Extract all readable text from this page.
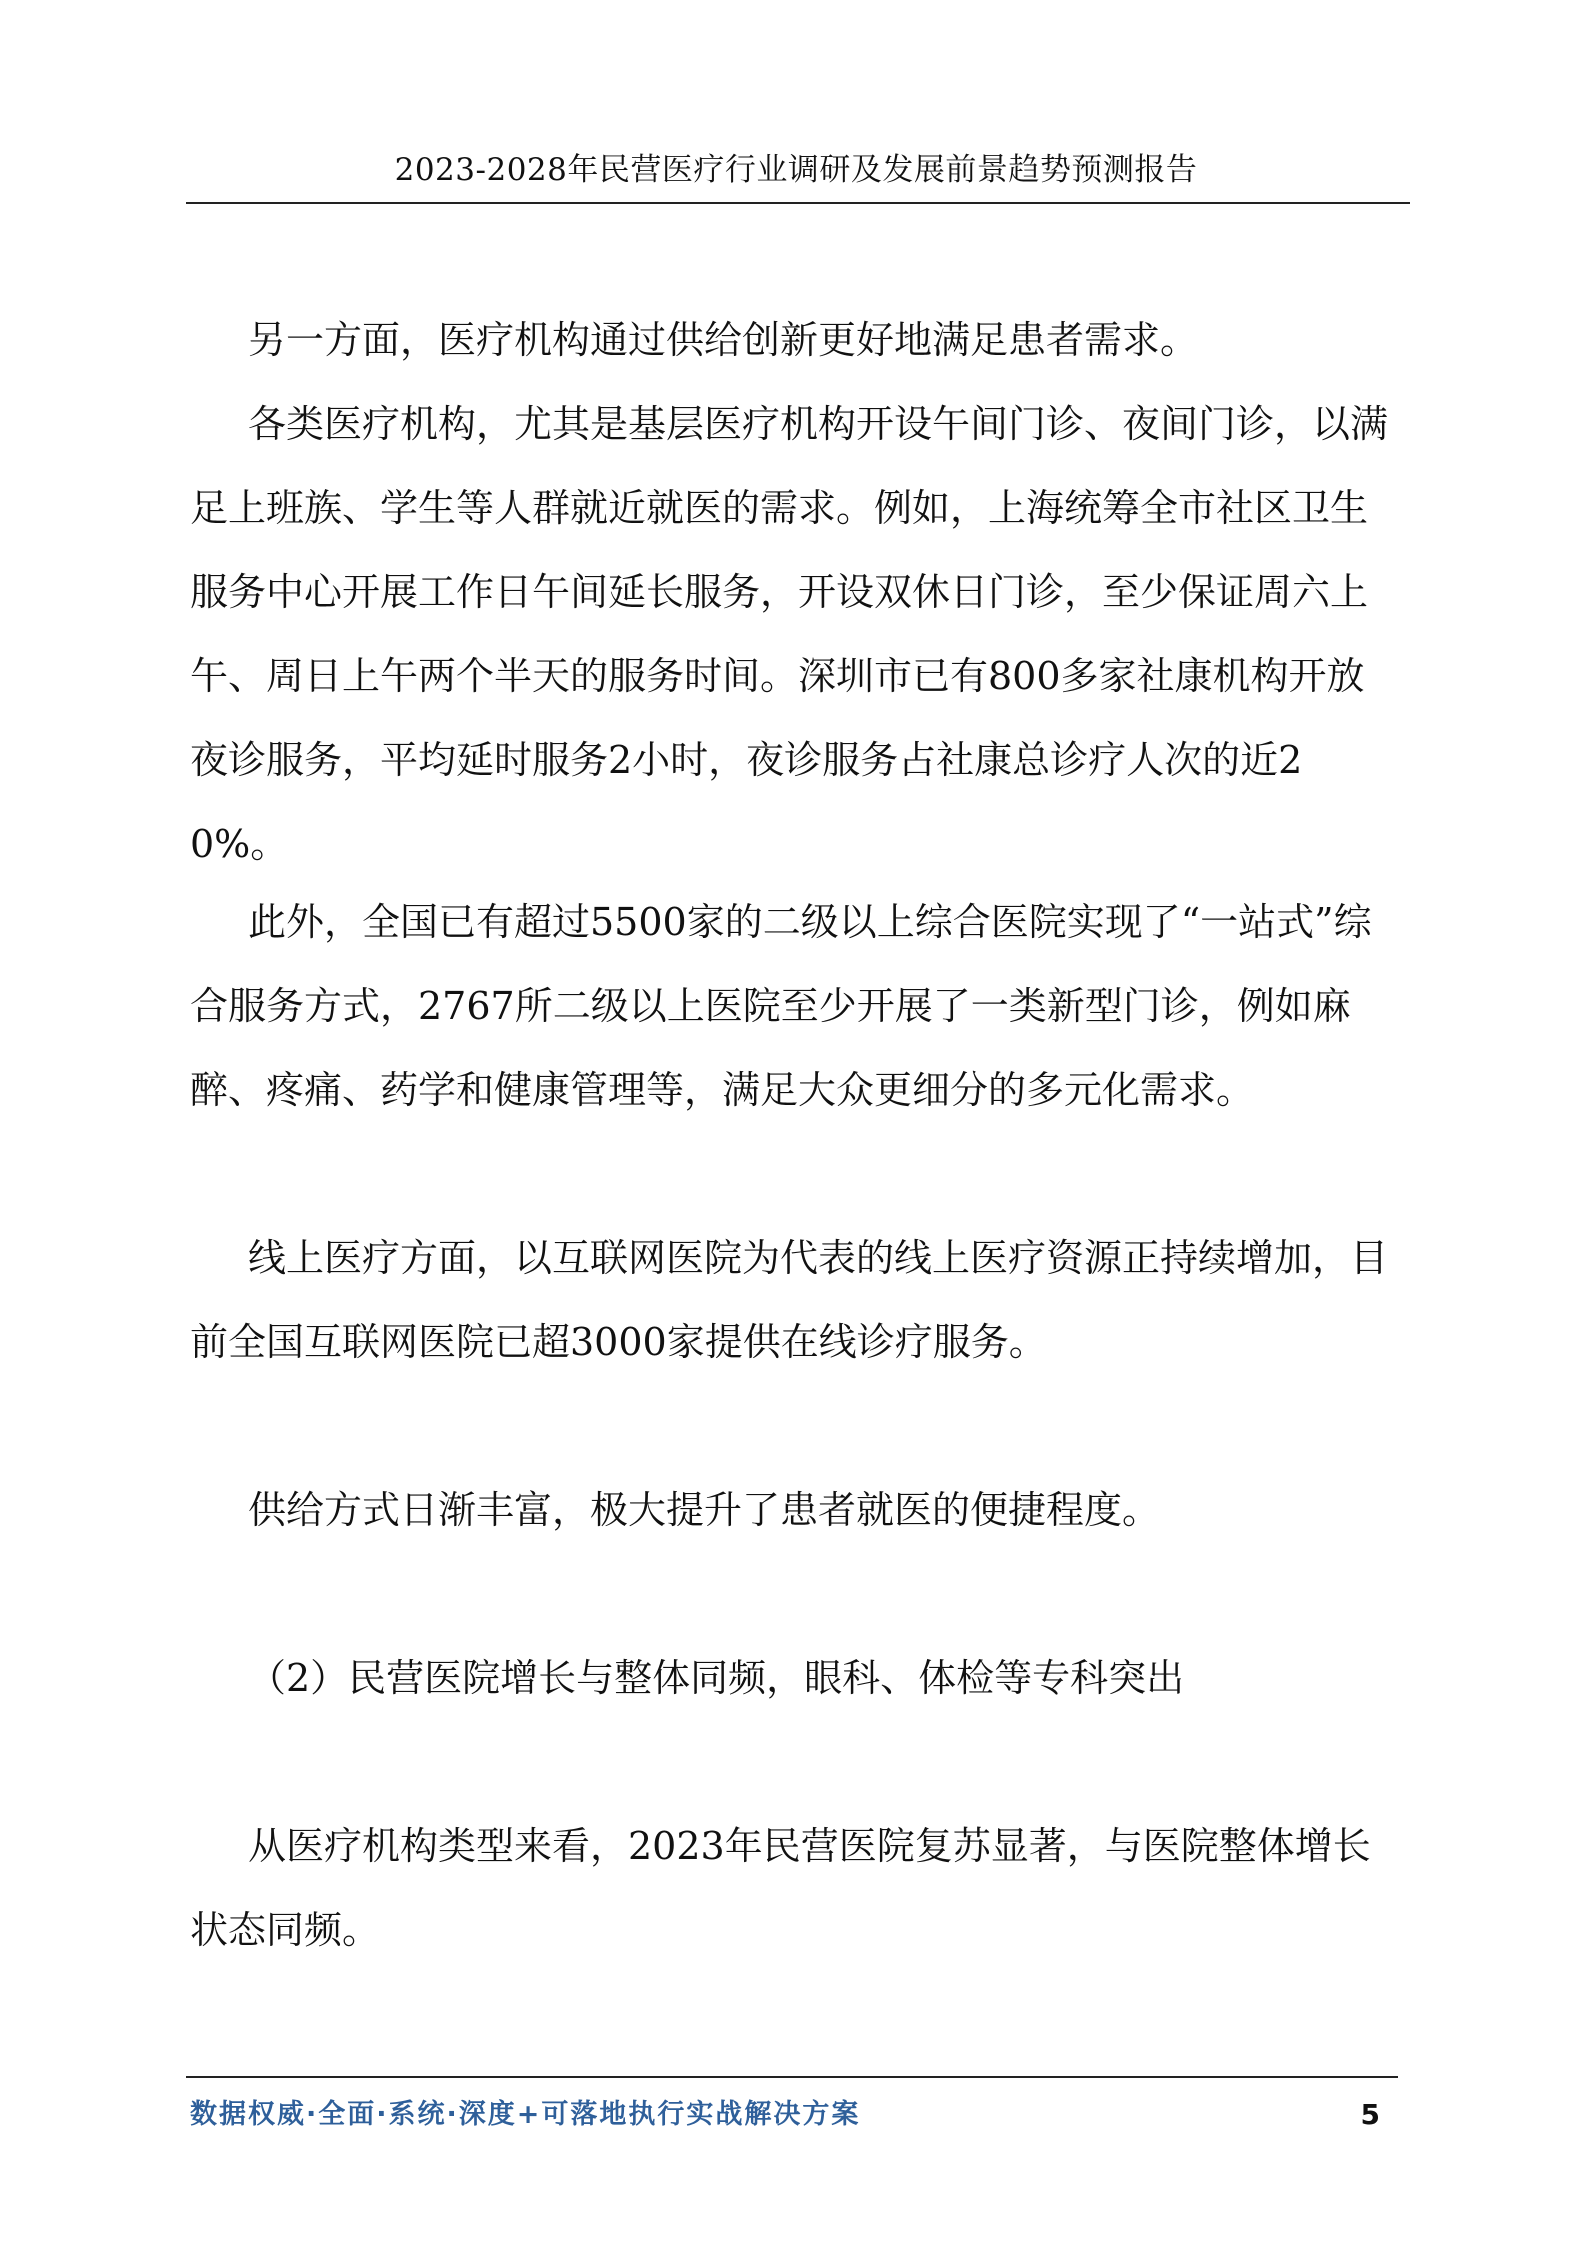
2023-2028年民营医疗行业调研及发展前景趋势预测报告

另一方面，医疗机构通过供给创新更好地满足患者需求。

各类医疗机构，尤其是基层医疗机构开设午间门诊、夜间门诊，以满足上班族、学生等人群就近就医的需求。例如，上海统筹全市社区卫生服务中心开展工作日午间延长服务，开设双休日门诊，至少保证周六上午、周日上午两个半天的服务时间。深圳市已有800多家社康机构开放夜诊服务，平均延时服务2小时，夜诊服务占社康总诊疗人次的近20%。

此外，全国已有超过5500家的二级以上综合医院实现了“一站式”综合服务方式，2767所二级以上医院至少开展了一类新型门诊，例如麻醉、疼痛、药学和健康管理等，满足大众更细分的多元化需求。

线上医疗方面，以互联网医院为代表的线上医疗资源正持续增加，目前全国互联网医院已超3000家提供在线诊疗服务。

供给方式日渐丰富，极大提升了患者就医的便捷程度。

（2）民营医院增长与整体同频，眼科、体检等专科突出

从医疗机构类型来看，2023年民营医院复苏显著，与医院整体增长状态同频。

数据权威·全面·系统·深度+可落地执行实战解决方案	5
